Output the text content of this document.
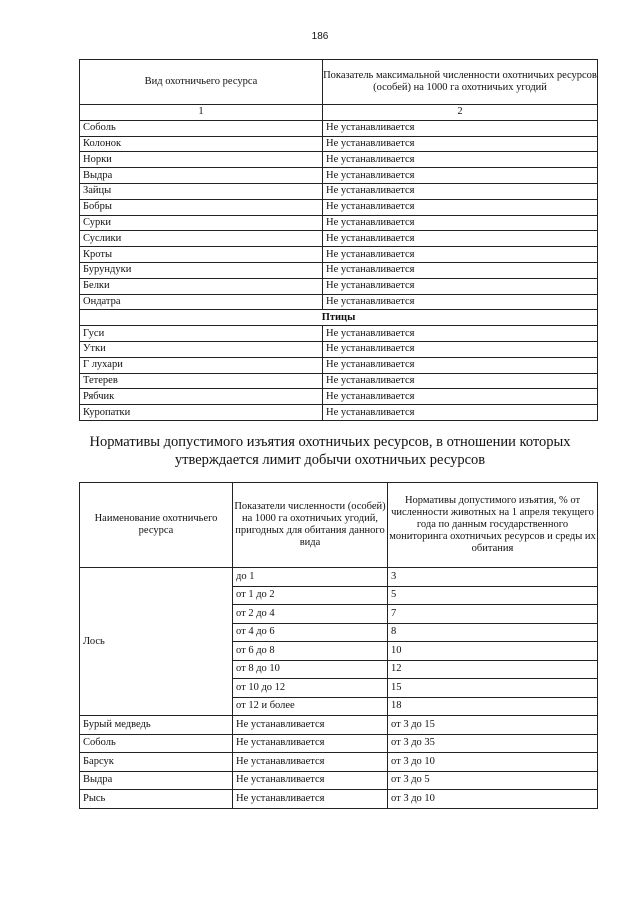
186
Вид охотничьего ресурса	Показатель максимальной численности охотничьих ресурсов (особей) на 1000 га охотничьих угодий
1	2
Соболь	Не устанавливается
Колонок	Не устанавливается
Норки	Не устанавливается
Выдра	Не устанавливается
Зайцы	Не устанавливается
Бобры	Не устанавливается
Сурки	Не устанавливается
Суслики	Не устанавливается
Кроты	Не устанавливается
Бурундуки	Не устанавливается
Белки	Не устанавливается
Ондатра	Не устанавливается
Птицы	
Гуси	Не устанавливается
Утки	Не устанавливается
Г лухари	Не устанавливается
Тетерев	Не устанавливается
Рябчик	Не устанавливается
Куропатки	Не устанавливается
Нормативы допустимого изъятия охотничьих ресурсов, в отношении которых утверждается лимит добычи охотничьих ресурсов
Наименование охотничьего ресурса	Показатели численности (особей) на 1000 га охотничьих угодий, пригодных для обитания данного вида	Нормативы допустимого изъятия, % от численности животных на 1 апреля текущего года по данным государственного мониторинга охотничьих ресурсов и среды их обитания
Лось	до 1	3
	от 1 до 2	5
	от 2 до 4	7
	от 4 до 6	8
	от 6 до 8	10
	от 8 до 10	12
	от 10 до 12	15
	от 12 и более	18
Бурый медведь	Не устанавливается	от 3 до 15
Соболь	Не устанавливается	от 3 до 35
Барсук	Не устанавливается	от 3 до 10
Выдра	Не устанавливается	от 3 до 5
Рысь	Не устанавливается	от 3 до 10
